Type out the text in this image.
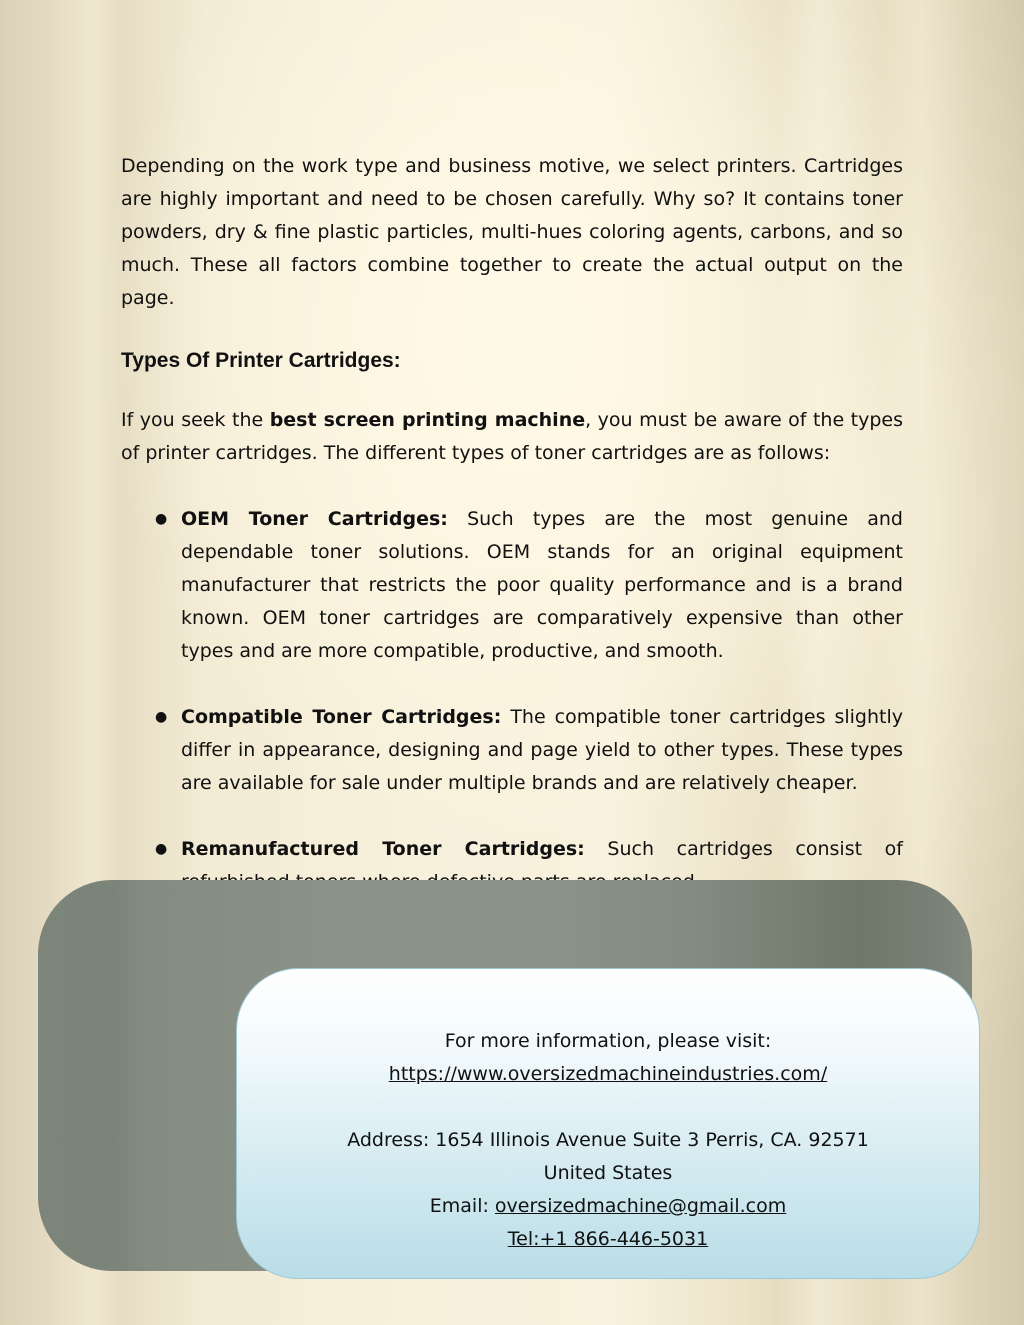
Depending on the work type and business motive, we select printers. Cartridges are highly important and need to be chosen carefully. Why so? It contains toner powders, dry & fine plastic particles, multi-hues coloring agents, carbons, and so much. These all factors combine together to create the actual output on the page.

Types Of Printer Cartridges:

If you seek the best screen printing machine, you must be aware of the types of printer cartridges. The different types of toner cartridges are as follows:

● OEM Toner Cartridges: Such types are the most genuine and dependable toner solutions. OEM stands for an original equipment manufacturer that restricts the poor quality performance and is a brand known. OEM toner cartridges are comparatively expensive than other types and are more compatible, productive, and smooth.
● Compatible Toner Cartridges: The compatible toner cartridges slightly differ in appearance, designing and page yield to other types. These types are available for sale under multiple brands and are relatively cheaper.
● Remanufactured Toner Cartridges: Such cartridges consist of

For more information, please visit:

https://www.oversizedmachineindustries.com/

Address: 1654 Illinois Avenue Suite 3 Perris, CA. 92571

United States

Email: oversizedmachine@gmail.com

Tel:+1 866-446-5031
